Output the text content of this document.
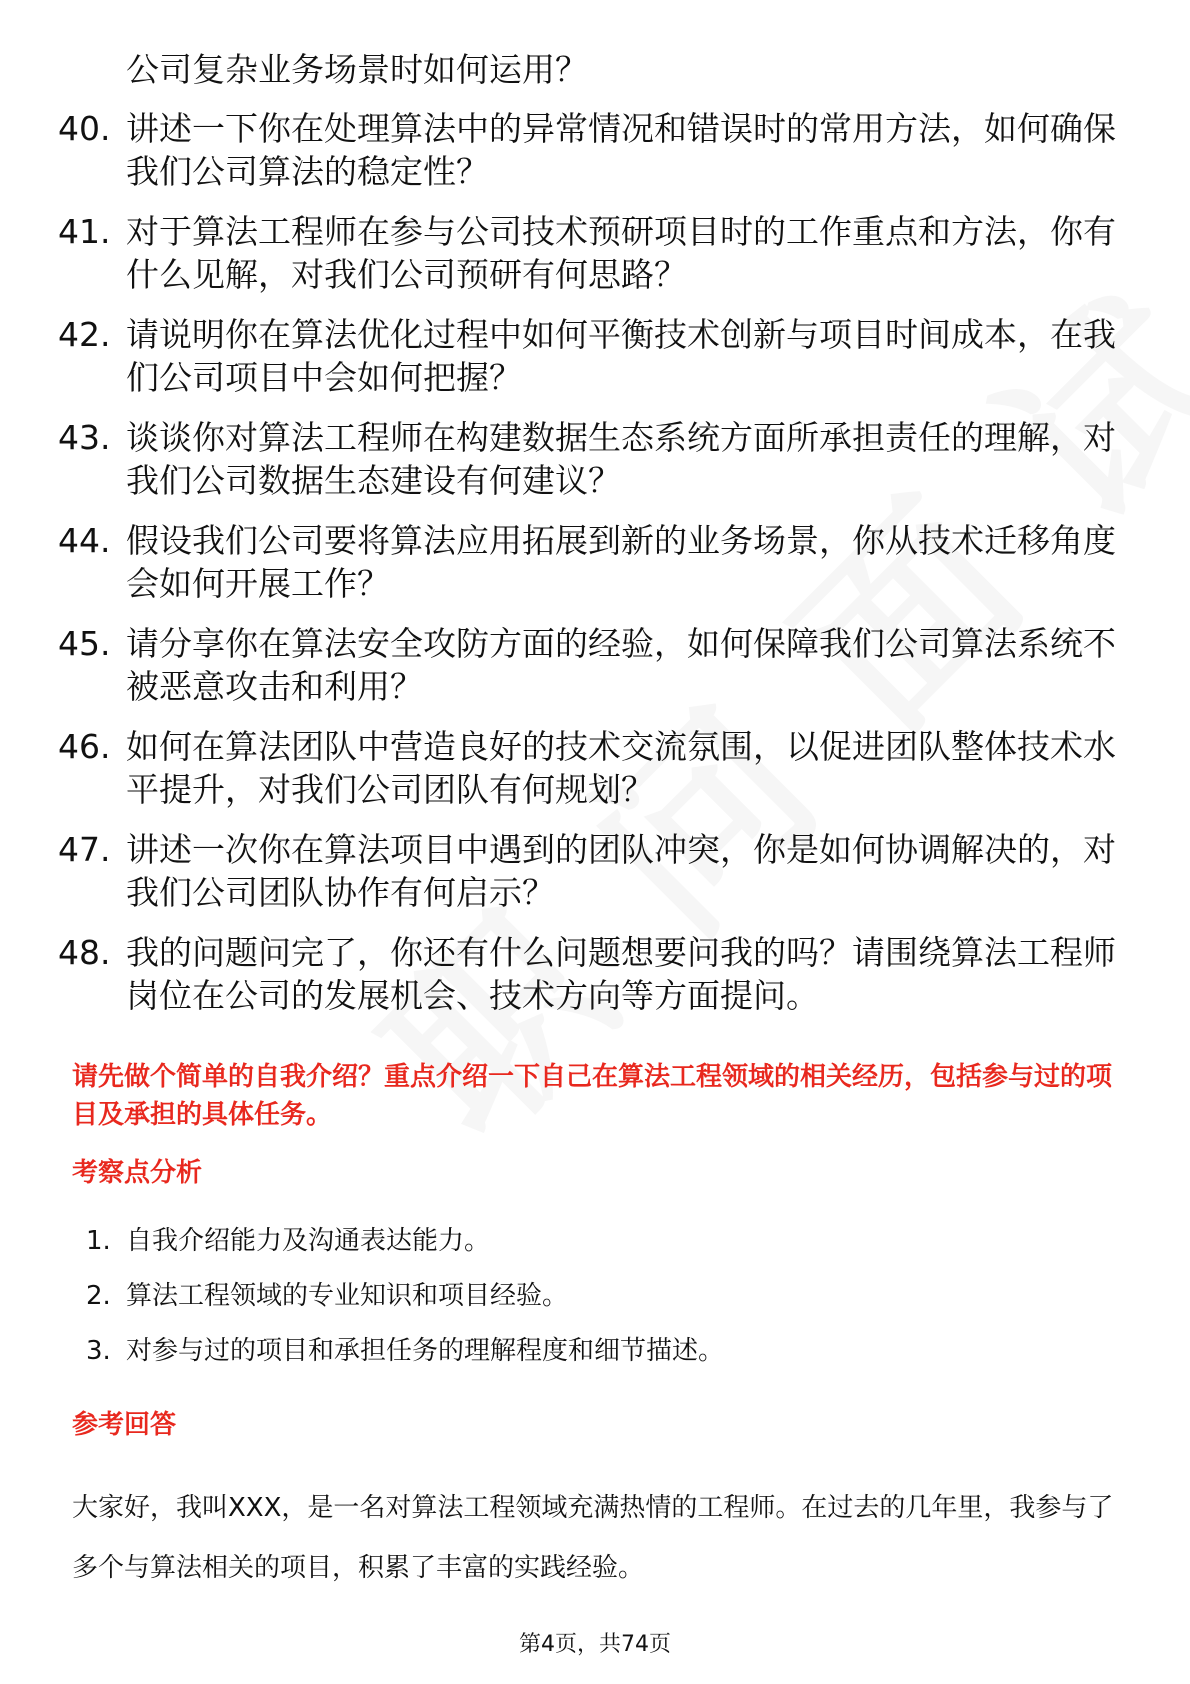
公司复杂业务场景时如何运用？
40. 讲述一下你在处理算法中的异常情况和错误时的常用方法，如何确保我们公司算法的稳定性？
41. 对于算法工程师在参与公司技术预研项目时的工作重点和方法，你有什么见解，对我们公司预研有何思路？
42. 请说明你在算法优化过程中如何平衡技术创新与项目时间成本，在我们公司项目中会如何把握？
43. 谈谈你对算法工程师在构建数据生态系统方面所承担责任的理解，对我们公司数据生态建设有何建议？
44. 假设我们公司要将算法应用拓展到新的业务场景，你从技术迁移角度会如何开展工作？
45. 请分享你在算法安全攻防方面的经验，如何保障我们公司算法系统不被恶意攻击和利用？
46. 如何在算法团队中营造良好的技术交流氛围，以促进团队整体技术水平提升，对我们公司团队有何规划？
47. 讲述一次你在算法项目中遇到的团队冲突，你是如何协调解决的，对我们公司团队协作有何启示？
48. 我的问题问完了，你还有什么问题想要问我的吗？请围绕算法工程师岗位在公司的发展机会、技术方向等方面提问。
请先做个简单的自我介绍？重点介绍一下自己在算法工程领域的相关经历，包括参与过的项目及承担的具体任务。
考察点分析
1. 自我介绍能力及沟通表达能力。
2. 算法工程领域的专业知识和项目经验。
3. 对参与过的项目和承担任务的理解程度和细节描述。
参考回答
大家好，我叫XXX，是一名对算法工程领域充满热情的工程师。在过去的几年里，我参与了多个与算法相关的项目，积累了丰富的实践经验。
第4页，共74页
